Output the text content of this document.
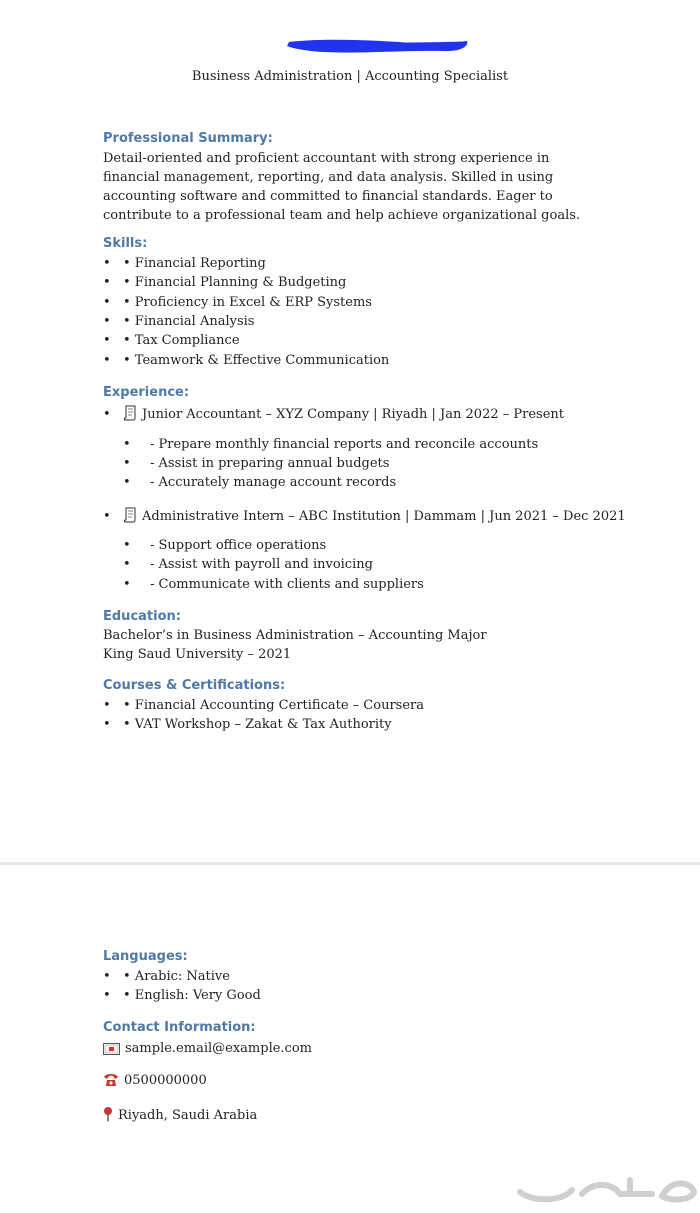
Business Administration | Accounting Specialist
Professional Summary:
Detail-oriented and proficient accountant with strong experience in financial management, reporting, and data analysis. Skilled in using accounting software and committed to financial standards. Eager to contribute to a professional team and help achieve organizational goals.
Skills:
• • Financial Reporting
• • Financial Planning & Budgeting
• • Proficiency in Excel & ERP Systems
• • Financial Analysis
• • Tax Compliance
• • Teamwork & Effective Communication
Experience:
• Junior Accountant – XYZ Company | Riyadh | Jan 2022 – Present
• - Prepare monthly financial reports and reconcile accounts
• - Assist in preparing annual budgets
• - Accurately manage account records
• Administrative Intern – ABC Institution | Dammam | Jun 2021 – Dec 2021
• - Support office operations
• - Assist with payroll and invoicing
• - Communicate with clients and suppliers
Education:
Bachelor’s in Business Administration – Accounting Major
King Saud University – 2021
Courses & Certifications:
• • Financial Accounting Certificate – Coursera
• • VAT Workshop – Zakat & Tax Authority
Languages:
• • Arabic: Native
• • English: Very Good
Contact Information:
sample.email@example.com
0500000000
Riyadh, Saudi Arabia
